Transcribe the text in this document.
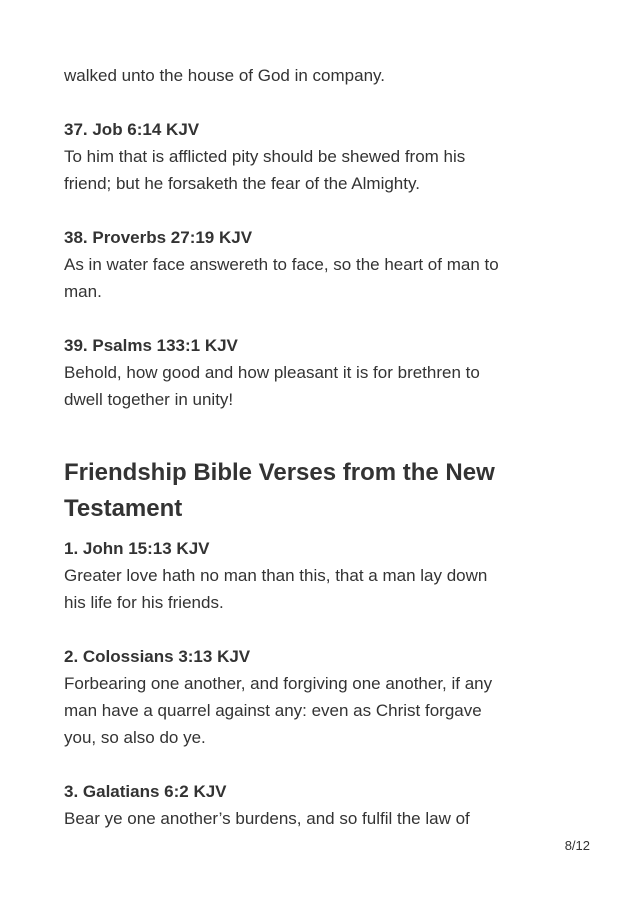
walked unto the house of God in company.

37. Job 6:14 KJV

To him that is afflicted pity should be shewed from his

friend; but he forsaketh the fear of the Almighty.

38. Proverbs 27:19 KJV

As in water face answereth to face, so the heart of man to

man.

39. Psalms 133:1 KJV

Behold, how good and how pleasant it is for brethren to

dwell together in unity!

Friendship Bible Verses from the New

Testament

1. John 15:13 KJV

Greater love hath no man than this, that a man lay down

his life for his friends.

2. Colossians 3:13 KJV

Forbearing one another, and forgiving one another, if any

man have a quarrel against any: even as Christ forgave

you, so also do ye.

3. Galatians 6:2 KJV

Bear ye one another’s burdens, and so fulfil the law of

8/12
